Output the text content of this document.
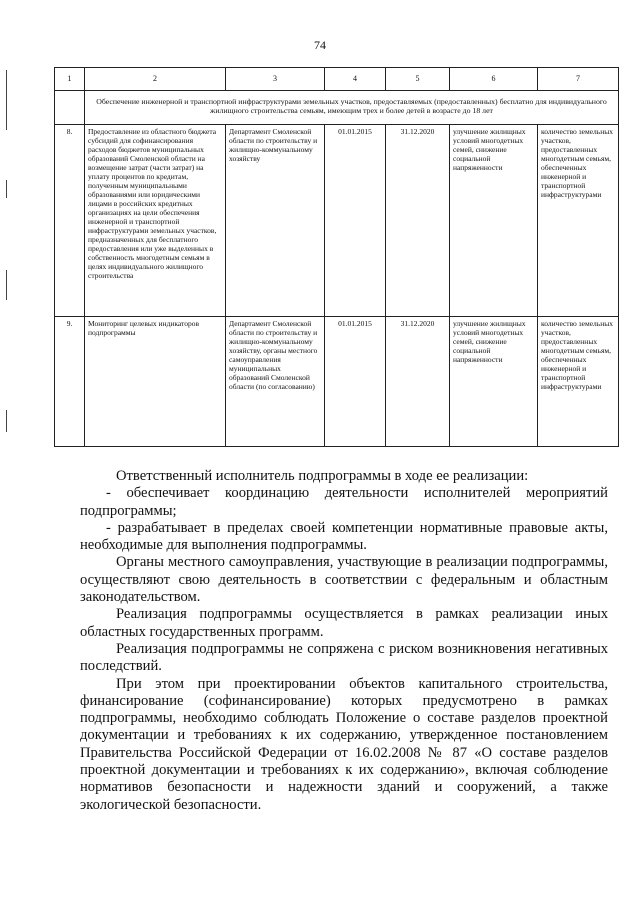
74
1	2	3	4	5	6	7
	Обеспечение инженерной и транспортной инфраструктурами земельных участков, предоставляемых (предоставленных) бесплатно для индивидуального жилищного строительства семьям, имеющим трех и более детей в возрасте до 18 лет					
8.	Предоставление из областного бюджета субсидий для софинансирования расходов бюджетов муниципальных образований Смоленской области на возмещение затрат (части затрат) на уплату процентов по кредитам, полученным муниципальными образованиями или юридическими лицами в российских кредитных организациях на цели обеспечения инженерной и транспортной инфраструктурами земельных участков, предназначенных для бесплатного предоставления или уже выделенных в собственность многодетным семьям в целях индивидуального жилищного строительства	Департамент Смоленской области по строительству и жилищно-коммунальному хозяйству	01.01.2015	31.12.2020	улучшение жилищных условий многодетных семей, снижение социальной напряженности	количество земельных участков, предоставленных многодетным семьям, обеспеченных инженерной и транспортной инфраструктурами
9.	Мониторинг целевых индикаторов подпрограммы	Департамент Смоленской области по строительству и жилищно-коммунальному хозяйству, органы местного самоуправления муниципальных образований Смоленской области (по согласованию)	01.01.2015	31.12.2020	улучшение жилищных условий многодетных семей, снижение социальной напряженности	количество земельных участков, предоставленных многодетным семьям, обеспеченных инженерной и транспортной инфраструктурами

Ответственный исполнитель подпрограммы в ходе ее реализации:

- обеспечивает координацию деятельности исполнителей мероприятий подпрограммы;

- разрабатывает в пределах своей компетенции нормативные правовые акты, необходимые для выполнения подпрограммы.

Органы местного самоуправления, участвующие в реализации подпрограммы, осуществляют свою деятельность в соответствии с федеральным и областным законодательством.

Реализация подпрограммы осуществляется в рамках реализации иных областных государственных программ.

Реализация подпрограммы не сопряжена с риском возникновения негативных последствий.

При этом при проектировании объектов капитального строительства, финансирование (софинансирование) которых предусмотрено в рамках подпрограммы, необходимо соблюдать Положение о составе разделов проектной документации и требованиях к их содержанию, утвержденное постановлением Правительства Российской Федерации от 16.02.2008 № 87 «О составе разделов проектной документации и требованиях к их содержанию», включая соблюдение нормативов безопасности и надежности зданий и сооружений, а также экологической безопасности.
